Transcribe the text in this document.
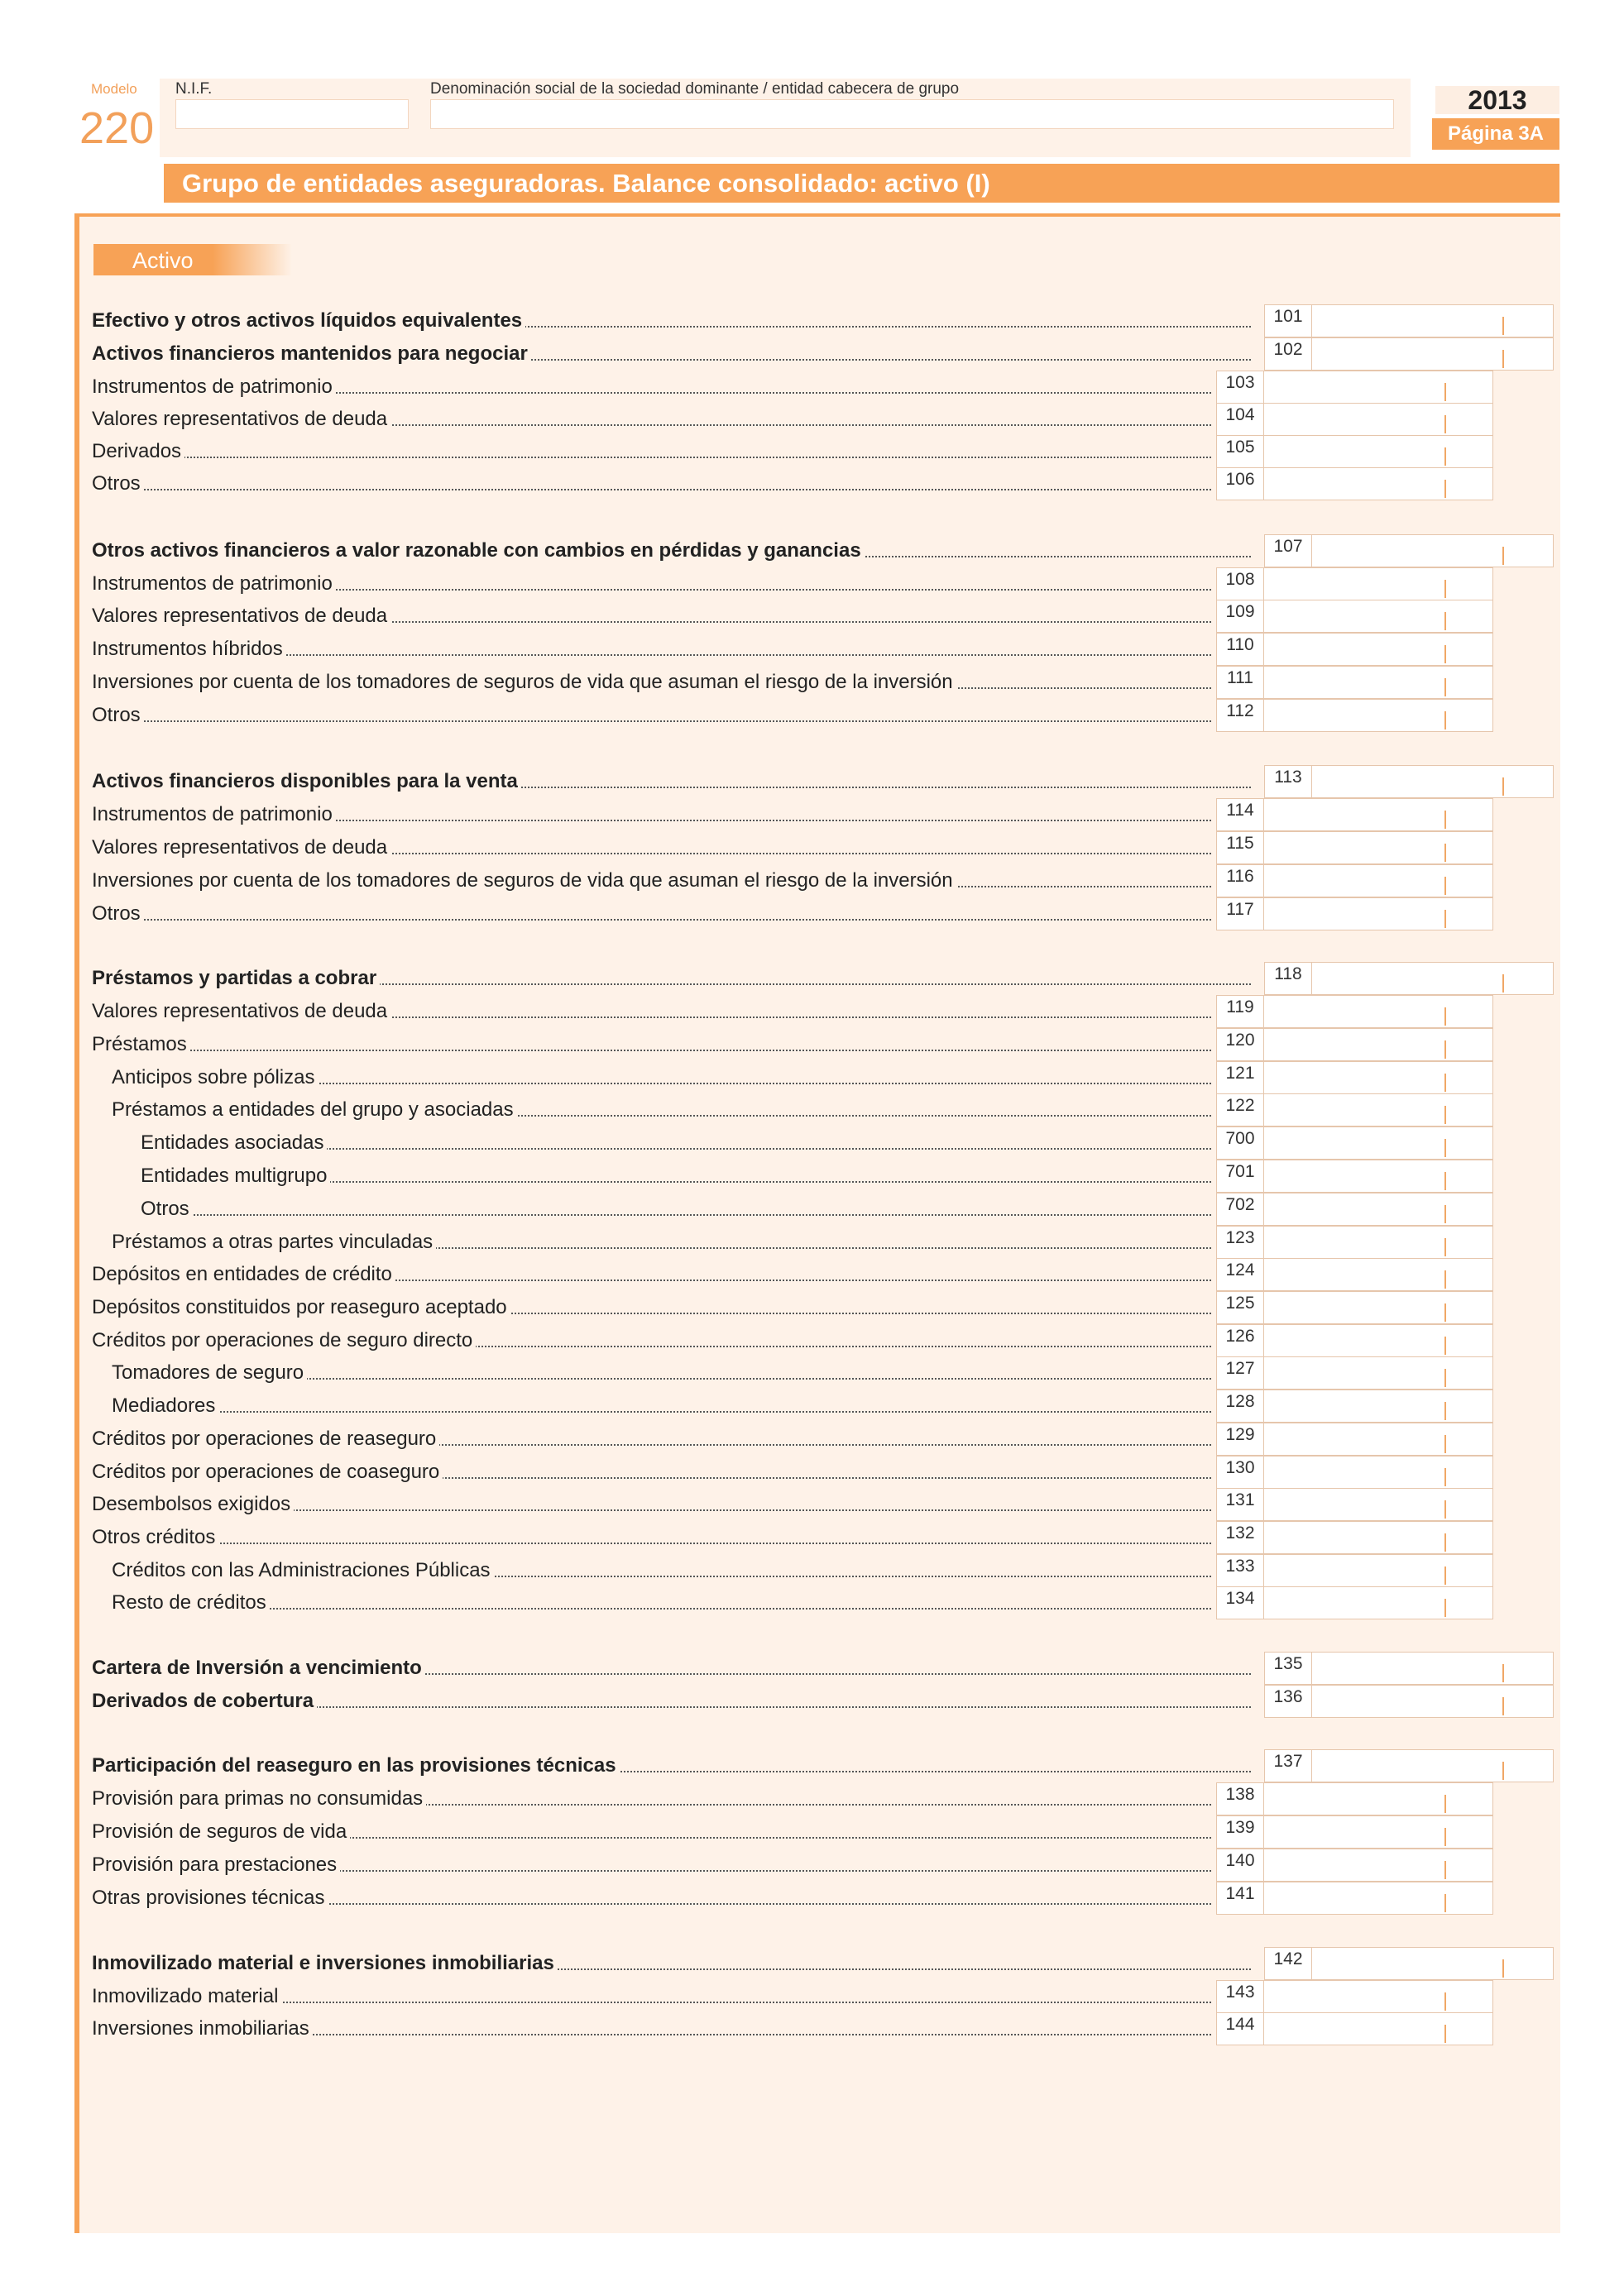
Modelo
220
N.I.F.	Denominación social de la sociedad dominante / entidad cabecera de grupo	2013
Página 3A
Grupo de entidades aseguradoras. Balance consolidado: activo (I)
Activo
Efectivo y otros activos líquidos equivalentes	101
Activos financieros mantenidos para negociar	102
Instrumentos de patrimonio	103
Valores representativos de deuda	104
Derivados	105
Otros	106
Otros activos financieros a valor razonable con cambios en pérdidas y ganancias	107
Instrumentos de patrimonio	108
Valores representativos de deuda	109
Instrumentos híbridos	110
Inversiones por cuenta de los tomadores de seguros de vida que asuman el riesgo de la inversión	111
Otros	112
Activos financieros disponibles para la venta	113
Instrumentos de patrimonio	114
Valores representativos de deuda	115
Inversiones por cuenta de los tomadores de seguros de vida que asuman el riesgo de la inversión	116
Otros	117
Préstamos y partidas a cobrar	118
Valores representativos de deuda	119
Préstamos	120
Anticipos sobre pólizas	121
Préstamos a entidades del grupo y asociadas	122
Entidades asociadas	700
Entidades multigrupo	701
Otros	702
Préstamos a otras partes vinculadas	123
Depósitos en entidades de crédito	124
Depósitos constituidos por reaseguro aceptado	125
Créditos por operaciones de seguro directo	126
Tomadores de seguro	127
Mediadores	128
Créditos por operaciones de reaseguro	129
Créditos por operaciones de coaseguro	130
Desembolsos exigidos	131
Otros créditos	132
Créditos con las Administraciones Públicas	133
Resto de créditos	134
Cartera de Inversión a vencimiento	135
Derivados de cobertura	136
Participación del reaseguro en las provisiones técnicas	137
Provisión para primas no consumidas	138
Provisión de seguros de vida	139
Provisión para prestaciones	140
Otras provisiones técnicas	141
Inmovilizado material e inversiones inmobiliarias	142
Inmovilizado material	143
Inversiones inmobiliarias	144
